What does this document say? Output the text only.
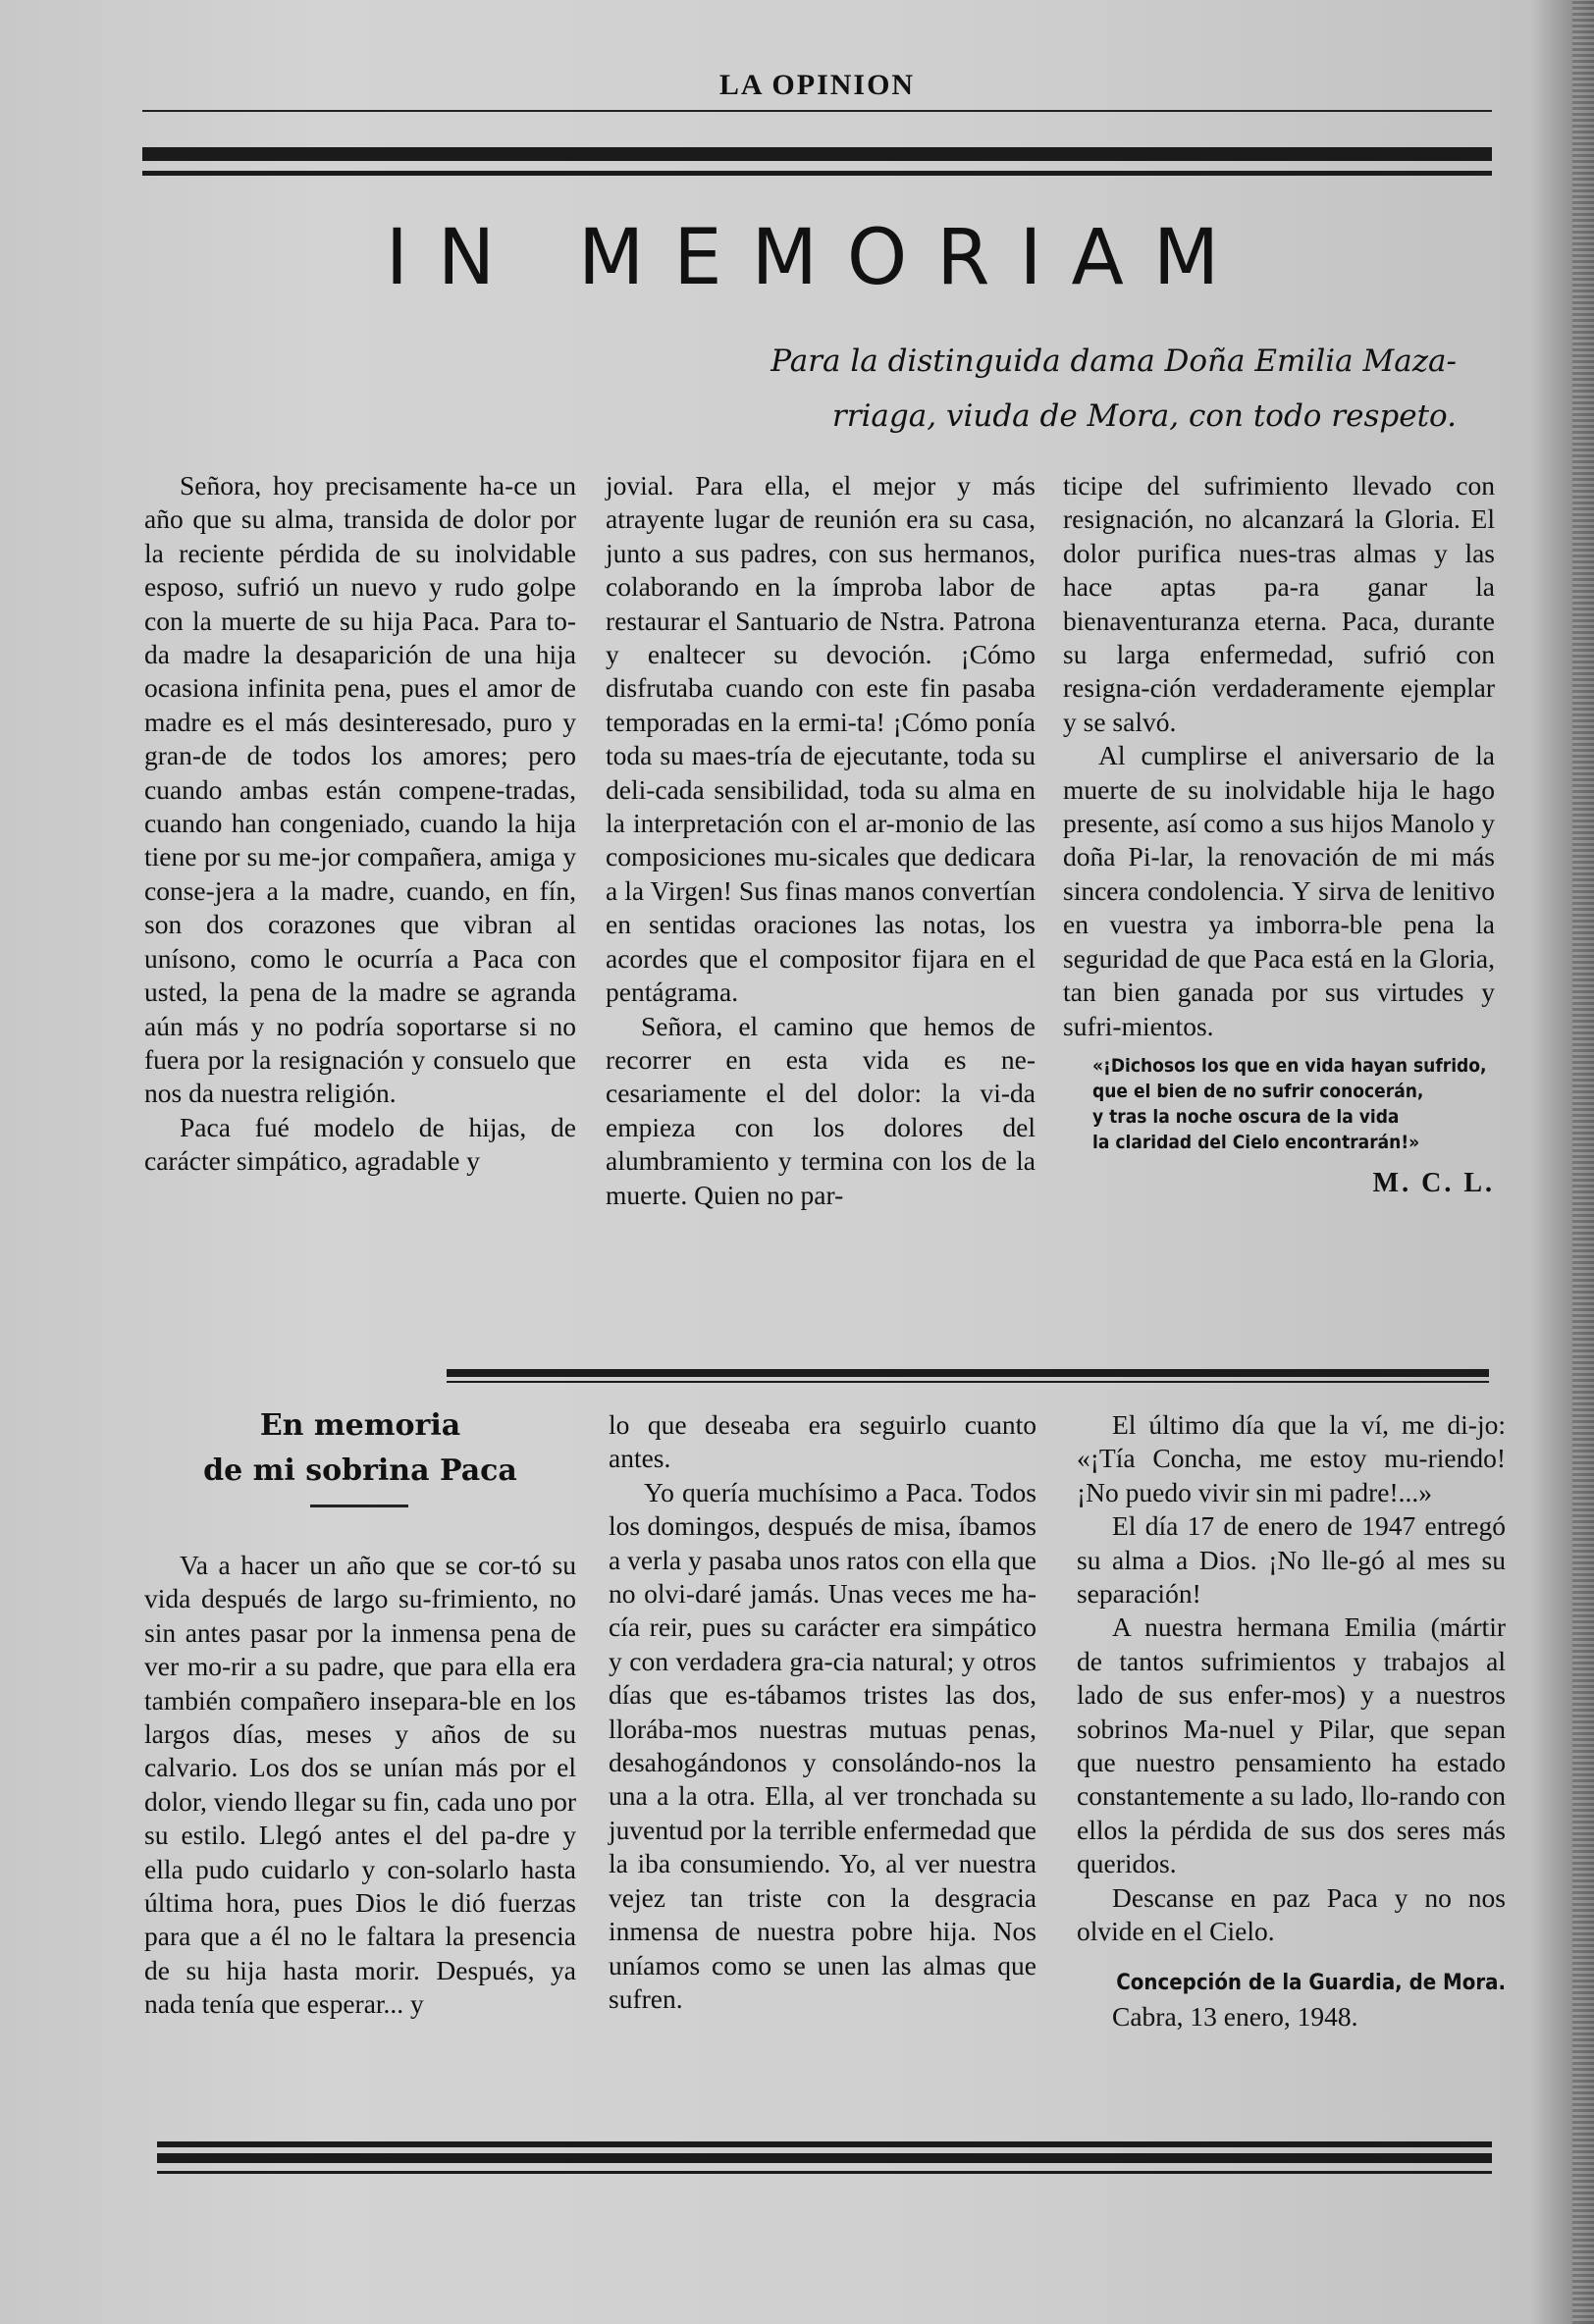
LA OPINION
IN MEMORIAM
Para la distinguida dama Doña Emilia Maza-
rriaga, viuda de Mora, con todo respeto.

Señora, hoy precisamente ha-ce un año que su alma, transida de dolor por la reciente pérdida de su inolvidable esposo, sufrió un nuevo y rudo golpe con la muerte de su hija Paca. Para to-da madre la desaparición de una hija ocasiona infinita pena, pues el amor de madre es el más desinteresado, puro y gran-de de todos los amores; pero cuando ambas están compene-tradas, cuando han congeniado, cuando la hija tiene por su me-jor compañera, amiga y conse-jera a la madre, cuando, en fín, son dos corazones que vibran al unísono, como le ocurría a Paca con usted, la pena de la madre se agranda aún más y no podría soportarse si no fuera por la resignación y consuelo que nos da nuestra religión.

Paca fué modelo de hijas, de carácter simpático, agradable y

jovial. Para ella, el mejor y más atrayente lugar de reunión era su casa, junto a sus padres, con sus hermanos, colaborando en la ímproba labor de restaurar el Santuario de Nstra. Patrona y enaltecer su devoción. ¡Cómo disfrutaba cuando con este fin pasaba temporadas en la ermi-ta! ¡Cómo ponía toda su maes-tría de ejecutante, toda su deli-cada sensibilidad, toda su alma en la interpretación con el ar-monio de las composiciones mu-sicales que dedicara a la Virgen! Sus finas manos convertían en sentidas oraciones las notas, los acordes que el compositor fijara en el pentágrama.

Señora, el camino que hemos de recorrer en esta vida es ne-cesariamente el del dolor: la vi-da empieza con los dolores del alumbramiento y termina con los de la muerte. Quien no par-

ticipe del sufrimiento llevado con resignación, no alcanzará la Gloria. El dolor purifica nues-tras almas y las hace aptas pa-ra ganar la bienaventuranza eterna. Paca, durante su larga enfermedad, sufrió con resigna-ción verdaderamente ejemplar y se salvó.

Al cumplirse el aniversario de la muerte de su inolvidable hija le hago presente, así como a sus hijos Manolo y doña Pi-lar, la renovación de mi más sincera condolencia. Y sirva de lenitivo en vuestra ya imborra-ble pena la seguridad de que Paca está en la Gloria, tan bien ganada por sus virtudes y sufri-mientos.

«¡Dichosos los que en vida hayan sufrido,
que el bien de no sufrir conocerán,
y tras la noche oscura de la vida
la claridad del Cielo encontrarán!»
M. C. L.
En memoria
de mi sobrina Paca

Va a hacer un año que se cor-tó su vida después de largo su-frimiento, no sin antes pasar por la inmensa pena de ver mo-rir a su padre, que para ella era también compañero insepara-ble en los largos días, meses y años de su calvario. Los dos se unían más por el dolor, viendo llegar su fin, cada uno por su estilo. Llegó antes el del pa-dre y ella pudo cuidarlo y con-solarlo hasta última hora, pues Dios le dió fuerzas para que a él no le faltara la presencia de su hija hasta morir. Después, ya nada tenía que esperar... y

lo que deseaba era seguirlo cuanto antes.

Yo quería muchísimo a Paca. Todos los domingos, después de misa, íbamos a verla y pasaba unos ratos con ella que no olvi-daré jamás. Unas veces me ha-cía reir, pues su carácter era simpático y con verdadera gra-cia natural; y otros días que es-tábamos tristes las dos, llorába-mos nuestras mutuas penas, desahogándonos y consolándo-nos la una a la otra. Ella, al ver tronchada su juventud por la terrible enfermedad que la iba consumiendo. Yo, al ver nuestra vejez tan triste con la desgracia inmensa de nuestra pobre hija. Nos uníamos como se unen las almas que sufren.

El último día que la ví, me di-jo: «¡Tía Concha, me estoy mu-riendo! ¡No puedo vivir sin mi padre!...»

El día 17 de enero de 1947 entregó su alma a Dios. ¡No lle-gó al mes su separación!

A nuestra hermana Emilia (mártir de tantos sufrimientos y trabajos al lado de sus enfer-mos) y a nuestros sobrinos Ma-nuel y Pilar, que sepan que nuestro pensamiento ha estado constantemente a su lado, llo-rando con ellos la pérdida de sus dos seres más queridos.

Descanse en paz Paca y no nos olvide en el Cielo.

Concepción de la Guardia, de Mora.

Cabra, 13 enero, 1948.
